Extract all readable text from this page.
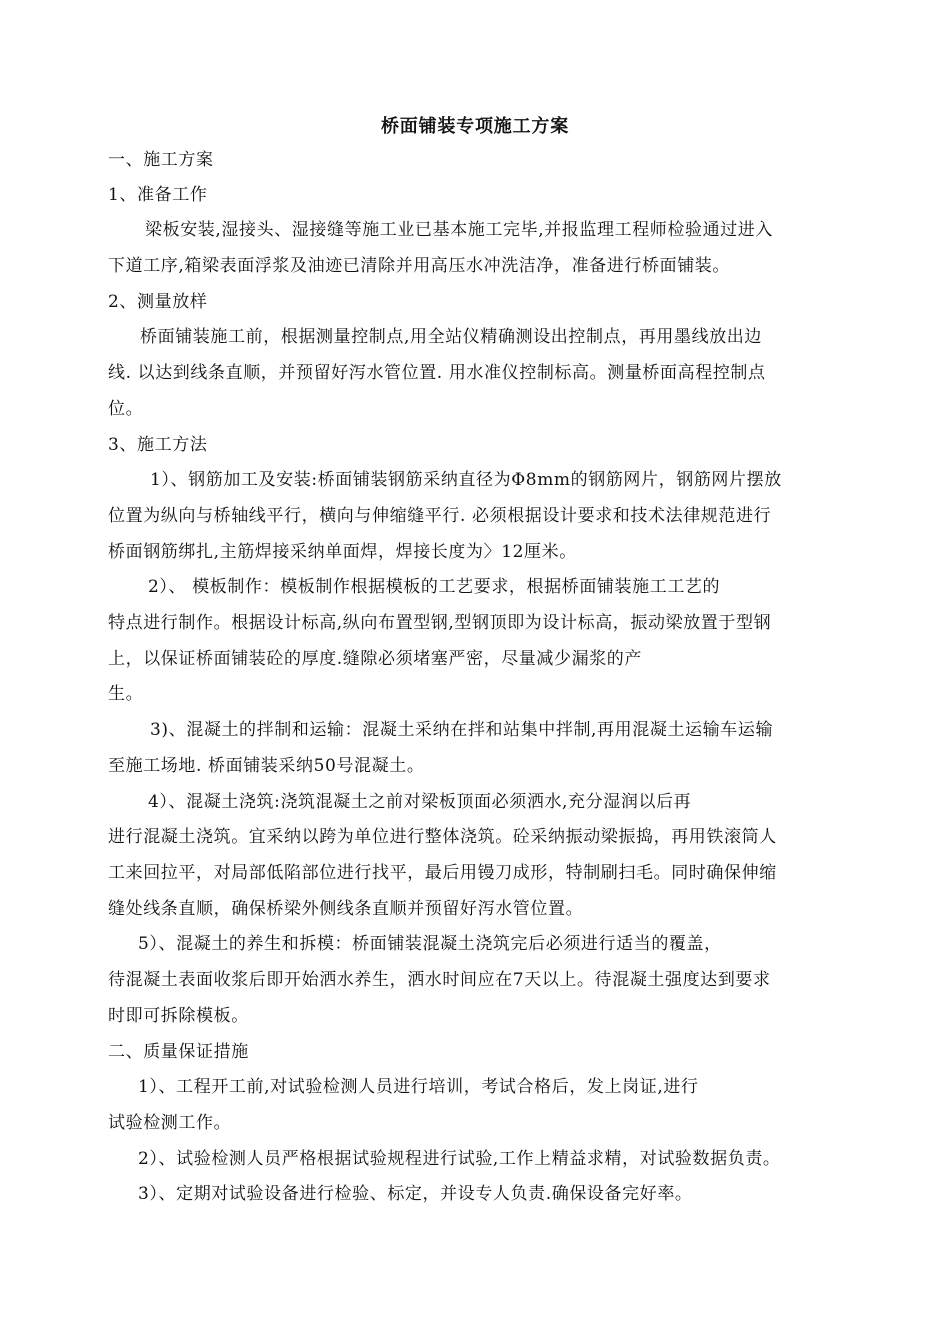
桥面铺装专项施工方案

一、施工方案

1、准备工作

梁板安装,湿接头、湿接缝等施工业已基本施工完毕,并报监理工程师检验通过进入

下道工序,箱梁表面浮浆及油迹已清除并用高压水冲洗洁净，准备进行桥面铺装。

2、测量放样

桥面铺装施工前，根据测量控制点,用全站仪精确测设出控制点，再用墨线放出边

线. 以达到线条直顺，并预留好泻水管位置. 用水准仪控制标高。测量桥面高程控制点

位。

3、施工方法

1）、钢筋加工及安装:桥面铺装钢筋采纳直径为Φ8mm的钢筋网片，钢筋网片摆放

位置为纵向与桥轴线平行，横向与伸缩缝平行. 必须根据设计要求和技术法律规范进行

桥面钢筋绑扎,主筋焊接采纳单面焊，焊接长度为〉12厘米。

2）、 模板制作：模板制作根据模板的工艺要求，根据桥面铺装施工工艺的

特点进行制作。根据设计标高,纵向布置型钢,型钢顶即为设计标高，振动梁放置于型钢

上，以保证桥面铺装砼的厚度.缝隙必须堵塞严密，尽量减少漏浆的产

生。

3)、混凝土的拌制和运输：混凝土采纳在拌和站集中拌制,再用混凝土运输车运输

至施工场地. 桥面铺装采纳50号混凝土。

4）、混凝土浇筑:浇筑混凝土之前对梁板顶面必须洒水,充分湿润以后再

进行混凝土浇筑。宜采纳以跨为单位进行整体浇筑。砼采纳振动梁振捣，再用铁滚筒人

工来回拉平，对局部低陷部位进行找平，最后用镘刀成形，特制刷扫毛。同时确保伸缩

缝处线条直顺，确保桥梁外侧线条直顺并预留好泻水管位置。

5）、混凝土的养生和拆模：桥面铺装混凝土浇筑完后必须进行适当的覆盖，

待混凝土表面收浆后即开始洒水养生，洒水时间应在7天以上。待混凝土强度达到要求

时即可拆除模板。

二、质量保证措施

1）、工程开工前,对试验检测人员进行培训，考试合格后，发上岗证,进行

试验检测工作。

2）、试验检测人员严格根据试验规程进行试验,工作上精益求精，对试验数据负责。

3）、定期对试验设备进行检验、标定，并设专人负责.确保设备完好率。
